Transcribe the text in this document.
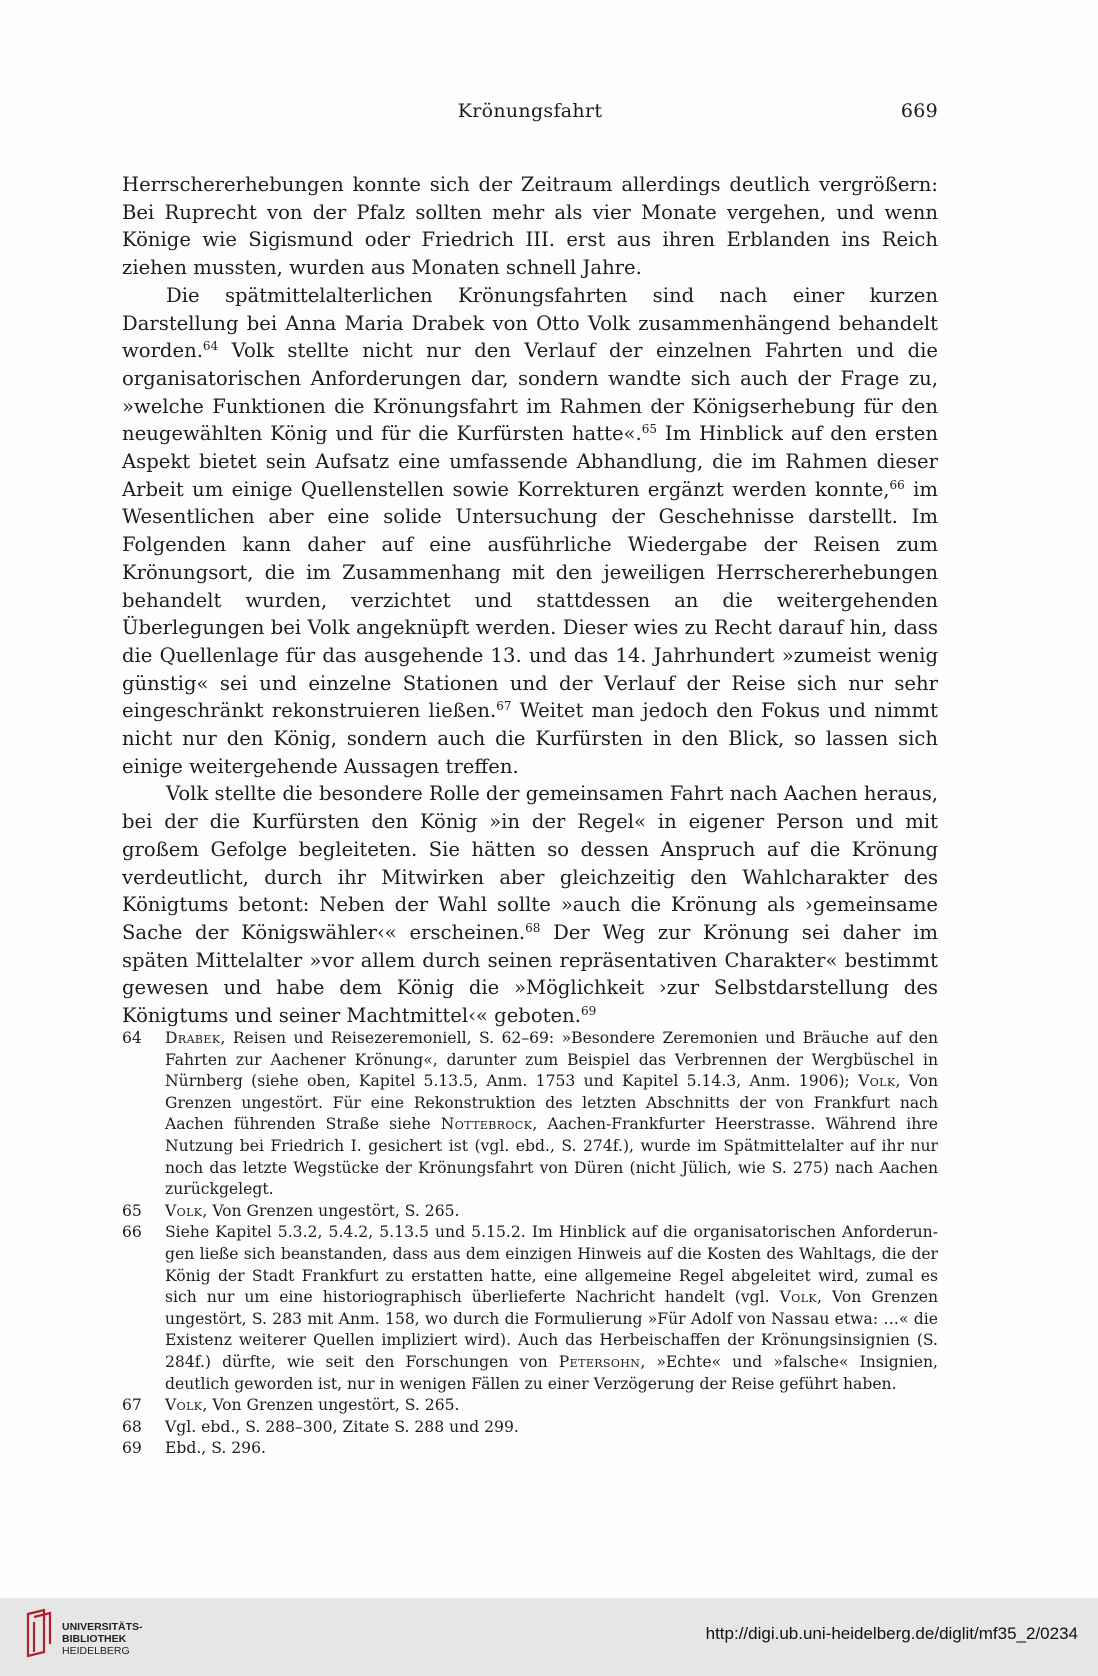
Krönungsfahrt	669

Herrschererhebungen konnte sich der Zeitraum allerdings deutlich vergrößern: Bei Ruprecht von der Pfalz sollten mehr als vier Monate vergehen, und wenn Könige wie Sigismund oder Friedrich III. erst aus ihren Erblanden ins Reich ziehen mussten, wurden aus Monaten schnell Jahre.

Die spätmittelalterlichen Krönungsfahrten sind nach einer kurzen Darstellung bei Anna Maria Drabek von Otto Volk zusammenhängend behandelt worden.$^{64}$ Volk stellte nicht nur den Verlauf der einzelnen Fahrten und die organisatorischen Anforderungen dar, sondern wandte sich auch der Frage zu, »welche Funktionen die Krönungsfahrt im Rahmen der Königserhebung für den neugewählten König und für die Kurfürsten hatte«.$^{65}$ Im Hinblick auf den ersten Aspekt bietet sein Aufsatz eine umfassende Abhandlung, die im Rahmen dieser Arbeit um einige Quellenstellen sowie Korrekturen ergänzt werden konnte,$^{66}$ im Wesentlichen aber eine solide Untersuchung der Geschehnisse darstellt. Im Folgenden kann daher auf eine ausführliche Wiedergabe der Reisen zum Krönungsort, die im Zusammenhang mit den jeweiligen Herrschererhebungen behandelt wurden, verzichtet und stattdessen an die weitergehenden Überlegungen bei Volk angeknüpft werden. Dieser wies zu Recht darauf hin, dass die Quellenlage für das ausgehende 13. und das 14. Jahrhundert »zumeist wenig günstig« sei und einzelne Stationen und der Verlauf der Reise sich nur sehr eingeschränkt rekonstruieren ließen.$^{67}$ Weitet man jedoch den Fokus und nimmt nicht nur den König, sondern auch die Kurfürsten in den Blick, so lassen sich einige weitergehende Aussagen treffen.

Volk stellte die besondere Rolle der gemeinsamen Fahrt nach Aachen heraus, bei der die Kurfürsten den König »in der Regel« in eigener Person und mit großem Gefolge begleiteten. Sie hätten so dessen Anspruch auf die Krönung verdeutlicht, durch ihr Mitwirken aber gleichzeitig den Wahlcharakter des Königtums betont: Neben der Wahl sollte »auch die Krönung als ›gemeinsame Sache der Königswähler‹« erscheinen.$^{68}$ Der Weg zur Krönung sei daher im späten Mittelalter »vor allem durch seinen repräsentativen Charakter« bestimmt gewesen und habe dem König die »Möglichkeit ›zur Selbstdarstellung des Königtums und seiner Machtmittel‹« geboten.$^{69}$

64	Drabek, Reisen und Reisezeremoniell, S. 62–69: »Besondere Zeremonien und Bräuche auf den Fahrten zur Aachener Krönung«, darunter zum Beispiel das Verbrennen der Wergbüschel in Nürnberg (siehe oben, Kapitel 5.13.5, Anm. 1753 und Kapitel 5.14.3, Anm. 1906); Volk, Von Grenzen ungestört. Für eine Rekonstruktion des letzten Abschnitts der von Frankfurt nach Aachen führenden Straße siehe Nottebrock, Aachen-Frankfurter Heerstrasse. Während ihre Nutzung bei Friedrich I. gesichert ist (vgl. ebd., S. 274f.), wurde im Spätmittelalter auf ihr nur noch das letzte Wegstücke der Krönungsfahrt von Düren (nicht Jülich, wie S. 275) nach Aachen zurückgelegt.
65	Volk, Von Grenzen ungestört, S. 265.
66	Siehe Kapitel 5.3.2, 5.4.2, 5.13.5 und 5.15.2. Im Hinblick auf die organisatorischen Anforderungen ließe sich beanstanden, dass aus dem einzigen Hinweis auf die Kosten des Wahltags, die der König der Stadt Frankfurt zu erstatten hatte, eine allgemeine Regel abgeleitet wird, zumal es sich nur um eine historiographisch überlieferte Nachricht handelt (vgl. Volk, Von Grenzen ungestört, S. 283 mit Anm. 158, wo durch die Formulierung »Für Adolf von Nassau etwa: …« die Existenz weiterer Quellen impliziert wird). Auch das Herbeischaffen der Krönungsinsignien (S. 284f.) dürfte, wie seit den Forschungen von Petersohn, »Echte« und »falsche« Insignien, deutlich geworden ist, nur in wenigen Fällen zu einer Verzögerung der Reise geführt haben.
67	Volk, Von Grenzen ungestört, S. 265.
68	Vgl. ebd., S. 288–300, Zitate S. 288 und 299.
69	Ebd., S. 296.
UNIVERSITÄTS-
BIBLIOTHEK
HEIDELBERG
http://digi.ub.uni-heidelberg.de/diglit/mf35_2/0234
